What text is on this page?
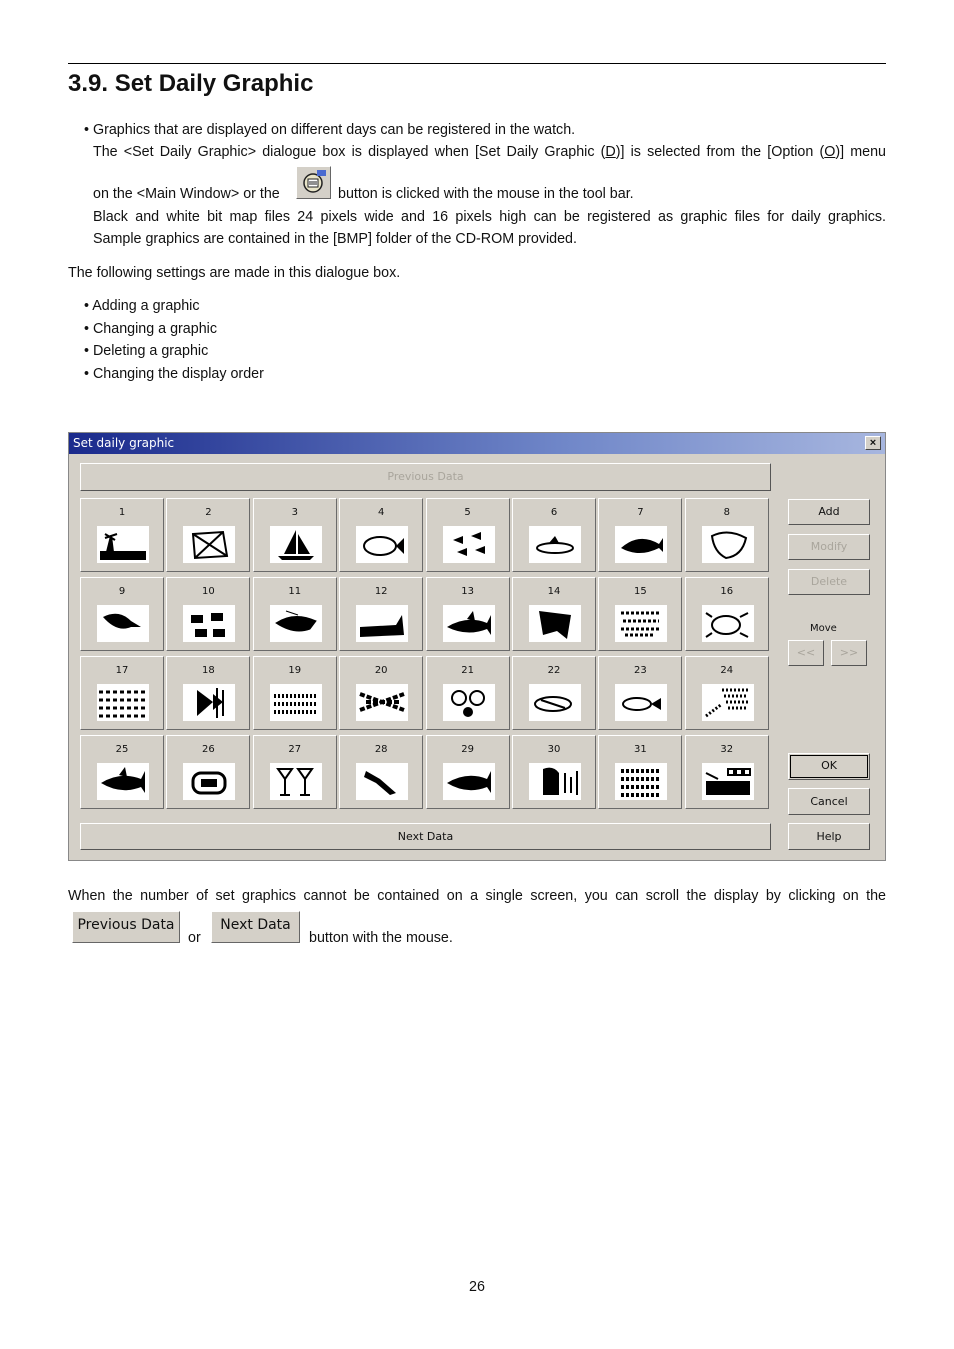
3.9. Set Daily Graphic
• Graphics that are displayed on different days can be registered in the watch.
The <Set Daily Graphic> dialogue box is displayed when [Set Daily Graphic (D)] is selected from the [Option (O)] menu
on the <Main Window> or the	button is clicked with the mouse in the tool bar.
Black and white bit map files 24 pixels wide and 16 pixels high can be registered as graphic files for daily graphics.
Sample graphics are contained in the [BMP] folder of the CD-ROM provided.
The following settings are made in this dialogue box.
• Adding a graphic
• Changing a graphic
• Deleting a graphic
• Changing the display order
Set daily graphic	×
Previous Data
1	2	3	4	5	6	7	8
9	10	11	12	13	14	15	16
17	18	19	20	21	22	23	24
25	26	27	28	29	30	31	32
Next Data
Add
Modify
Delete
Move
<<	>>
OK
Cancel
Help
When the number of set graphics cannot be contained on a single screen, you can scroll the display by clicking on the
Previous Data
or
Next Data
button with the mouse.
26
